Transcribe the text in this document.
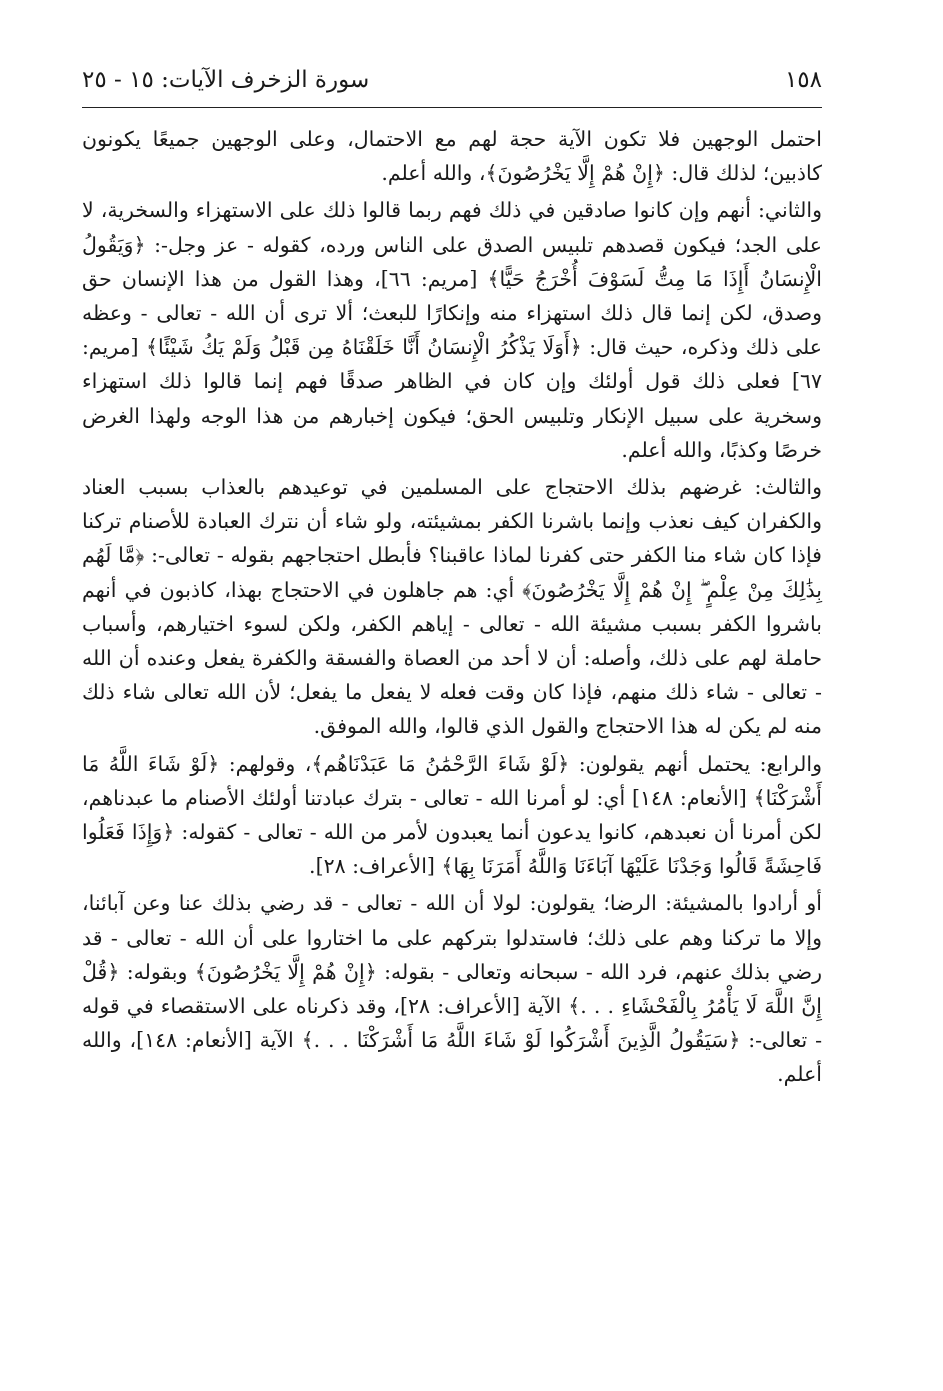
١٥٨
سورة الزخرف الآيات: ١٥ - ٢٥

احتمل الوجهين فلا تكون الآية حجة لهم مع الاحتمال، وعلى الوجهين جميعًا يكونون كاذبين؛ لذلك قال: ﴿إِنْ هُمْ إِلَّا يَخْرُصُونَ﴾، والله أعلم.

والثاني: أنهم وإن كانوا صادقين في ذلك فهم ربما قالوا ذلك على الاستهزاء والسخرية، لا على الجد؛ فيكون قصدهم تلبيس الصدق على الناس ورده، كقوله - عز وجل-: ﴿وَيَقُولُ الْإِنسَانُ أَإِذَا مَا مِتُّ لَسَوْفَ أُخْرَجُ حَيًّا﴾ [مريم: ٦٦]، وهذا القول من هذا الإنسان حق وصدق، لكن إنما قال ذلك استهزاء منه وإنكارًا للبعث؛ ألا ترى أن الله - تعالى - وعظه على ذلك وذكره، حيث قال: ﴿أَوَلَا يَذْكُرُ الْإِنسَانُ أَنَّا خَلَقْنَاهُ مِن قَبْلُ وَلَمْ يَكُ شَيْئًا﴾ [مريم: ٦٧] فعلى ذلك قول أولئك وإن كان في الظاهر صدقًا فهم إنما قالوا ذلك استهزاء وسخرية على سبيل الإنكار وتلبيس الحق؛ فيكون إخبارهم من هذا الوجه ولهذا الغرض خرصًا وكذبًا، والله أعلم.

والثالث: غرضهم بذلك الاحتجاج على المسلمين في توعيدهم بالعذاب بسبب العناد والكفران كيف نعذب وإنما باشرنا الكفر بمشيئته، ولو شاء أن نترك العبادة للأصنام تركنا فإذا كان شاء منا الكفر حتى كفرنا لماذا عاقبنا؟ فأبطل احتجاجهم بقوله - تعالى-: ﴿مَّا لَهُم بِذَٰلِكَ مِنْ عِلْمٍ ۖ إِنْ هُمْ إِلَّا يَخْرُصُونَ﴾ أي: هم جاهلون في الاحتجاج بهذا، كاذبون في أنهم باشروا الكفر بسبب مشيئة الله - تعالى - إياهم الكفر، ولكن لسوء اختيارهم، وأسباب حاملة لهم على ذلك، وأصله: أن لا أحد من العصاة والفسقة والكفرة يفعل وعنده أن الله - تعالى - شاء ذلك منهم، فإذا كان وقت فعله لا يفعل ما يفعل؛ لأن الله تعالى شاء ذلك منه لم يكن له هذا الاحتجاج والقول الذي قالوا، والله الموفق.

والرابع: يحتمل أنهم يقولون: ﴿لَوْ شَاءَ الرَّحْمَٰنُ مَا عَبَدْنَاهُم﴾، وقولهم: ﴿لَوْ شَاءَ اللَّهُ مَا أَشْرَكْنَا﴾ [الأنعام: ١٤٨] أي: لو أمرنا الله - تعالى - بترك عبادتنا أولئك الأصنام ما عبدناهم، لكن أمرنا أن نعبدهم، كانوا يدعون أنما يعبدون لأمر من الله - تعالى - كقوله: ﴿وَإِذَا فَعَلُوا فَاحِشَةً قَالُوا وَجَدْنَا عَلَيْهَا آبَاءَنَا وَاللَّهُ أَمَرَنَا بِهَا﴾ [الأعراف: ٢٨].

أو أرادوا بالمشيئة: الرضا؛ يقولون: لولا أن الله - تعالى - قد رضي بذلك عنا وعن آبائنا، وإلا ما تركنا وهم على ذلك؛ فاستدلوا بتركهم على ما اختاروا على أن الله - تعالى - قد رضي بذلك عنهم، فرد الله - سبحانه وتعالى - بقوله: ﴿إِنْ هُمْ إِلَّا يَخْرُصُونَ﴾ وبقوله: ﴿قُلْ إِنَّ اللَّهَ لَا يَأْمُرُ بِالْفَحْشَاءِ . . .﴾ الآية [الأعراف: ٢٨]، وقد ذكرناه على الاستقصاء في قوله - تعالى-: ﴿سَيَقُولُ الَّذِينَ أَشْرَكُوا لَوْ شَاءَ اللَّهُ مَا أَشْرَكْنَا . . .﴾ الآية [الأنعام: ١٤٨]، والله أعلم.
